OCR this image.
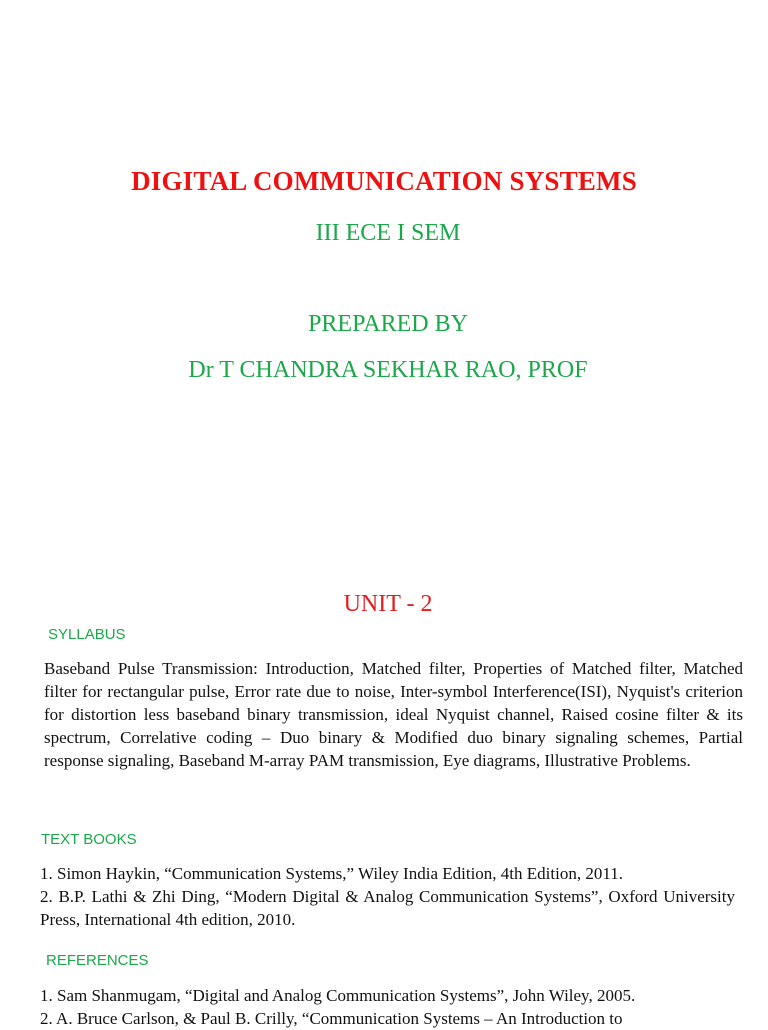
DIGITAL COMMUNICATION SYSTEMS
III ECE I SEM
PREPARED BY
Dr T CHANDRA SEKHAR RAO, PROF
UNIT - 2
SYLLABUS
Baseband Pulse Transmission: Introduction, Matched filter, Properties of Matched filter, Matched filter for rectangular pulse, Error rate due to noise, Inter-symbol Interference(ISI), Nyquist's criterion for distortion less baseband binary transmission, ideal Nyquist channel, Raised cosine filter & its spectrum, Correlative coding – Duo binary & Modified duo binary signaling schemes, Partial response signaling, Baseband M-array PAM transmission, Eye diagrams, Illustrative Problems.
TEXT BOOKS
1. Simon Haykin, “Communication Systems,” Wiley India Edition, 4th Edition, 2011.
2. B.P. Lathi & Zhi Ding, “Modern Digital & Analog Communication Systems”, Oxford University Press, International 4th edition, 2010.
REFERENCES
1. Sam Shanmugam, “Digital and Analog Communication Systems”, John Wiley, 2005.
2. A. Bruce Carlson, & Paul B. Crilly, “Communication Systems – An Introduction to
